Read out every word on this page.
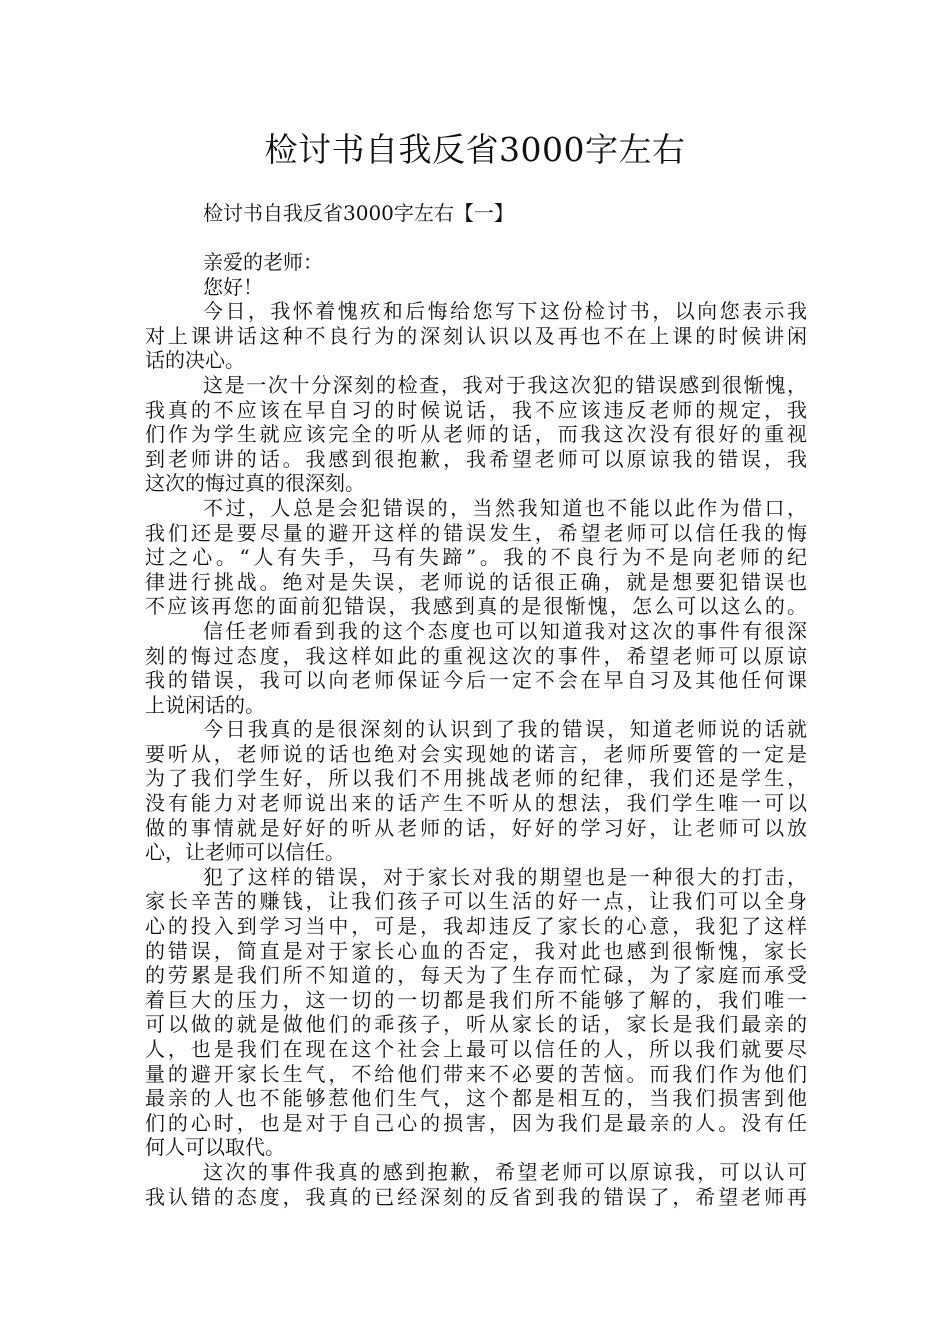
检讨书自我反省3000字左右
检讨书自我反省3000字左右【一】
亲爱的老师：
您好！
今日，我怀着愧疚和后悔给您写下这份检讨书，以向您表示我
对上课讲话这种不良行为的深刻认识以及再也不在上课的时候讲闲
话的决心。
这是一次十分深刻的检查，我对于我这次犯的错误感到很惭愧，
我真的不应该在早自习的时候说话，我不应该违反老师的规定，我
们作为学生就应该完全的听从老师的话，而我这次没有很好的重视
到老师讲的话。我感到很抱歉，我希望老师可以原谅我的错误，我
这次的悔过真的很深刻。
不过，人总是会犯错误的，当然我知道也不能以此作为借口，
我们还是要尽量的避开这样的错误发生，希望老师可以信任我的悔
过之心。“人有失手，马有失蹄”。我的不良行为不是向老师的纪
律进行挑战。绝对是失误，老师说的话很正确，就是想要犯错误也
不应该再您的面前犯错误，我感到真的是很惭愧，怎么可以这么的。
信任老师看到我的这个态度也可以知道我对这次的事件有很深
刻的悔过态度，我这样如此的重视这次的事件，希望老师可以原谅
我的错误，我可以向老师保证今后一定不会在早自习及其他任何课
上说闲话的。
今日我真的是很深刻的认识到了我的错误，知道老师说的话就
要听从，老师说的话也绝对会实现她的诺言，老师所要管的一定是
为了我们学生好，所以我们不用挑战老师的纪律，我们还是学生，
没有能力对老师说出来的话产生不听从的想法，我们学生唯一可以
做的事情就是好好的听从老师的话，好好的学习好，让老师可以放
心，让老师可以信任。
犯了这样的错误，对于家长对我的期望也是一种很大的打击，
家长辛苦的赚钱，让我们孩子可以生活的好一点，让我们可以全身
心的投入到学习当中，可是，我却违反了家长的心意，我犯了这样
的错误，简直是对于家长心血的否定，我对此也感到很惭愧，家长
的劳累是我们所不知道的，每天为了生存而忙碌，为了家庭而承受
着巨大的压力，这一切的一切都是我们所不能够了解的，我们唯一
可以做的就是做他们的乖孩子，听从家长的话，家长是我们最亲的
人，也是我们在现在这个社会上最可以信任的人，所以我们就要尽
量的避开家长生气，不给他们带来不必要的苦恼。而我们作为他们
最亲的人也不能够惹他们生气，这个都是相互的，当我们损害到他
们的心时，也是对于自己心的损害，因为我们是最亲的人。没有任
何人可以取代。
这次的事件我真的感到抱歉，希望老师可以原谅我，可以认可
我认错的态度，我真的已经深刻的反省到我的错误了，希望老师再
